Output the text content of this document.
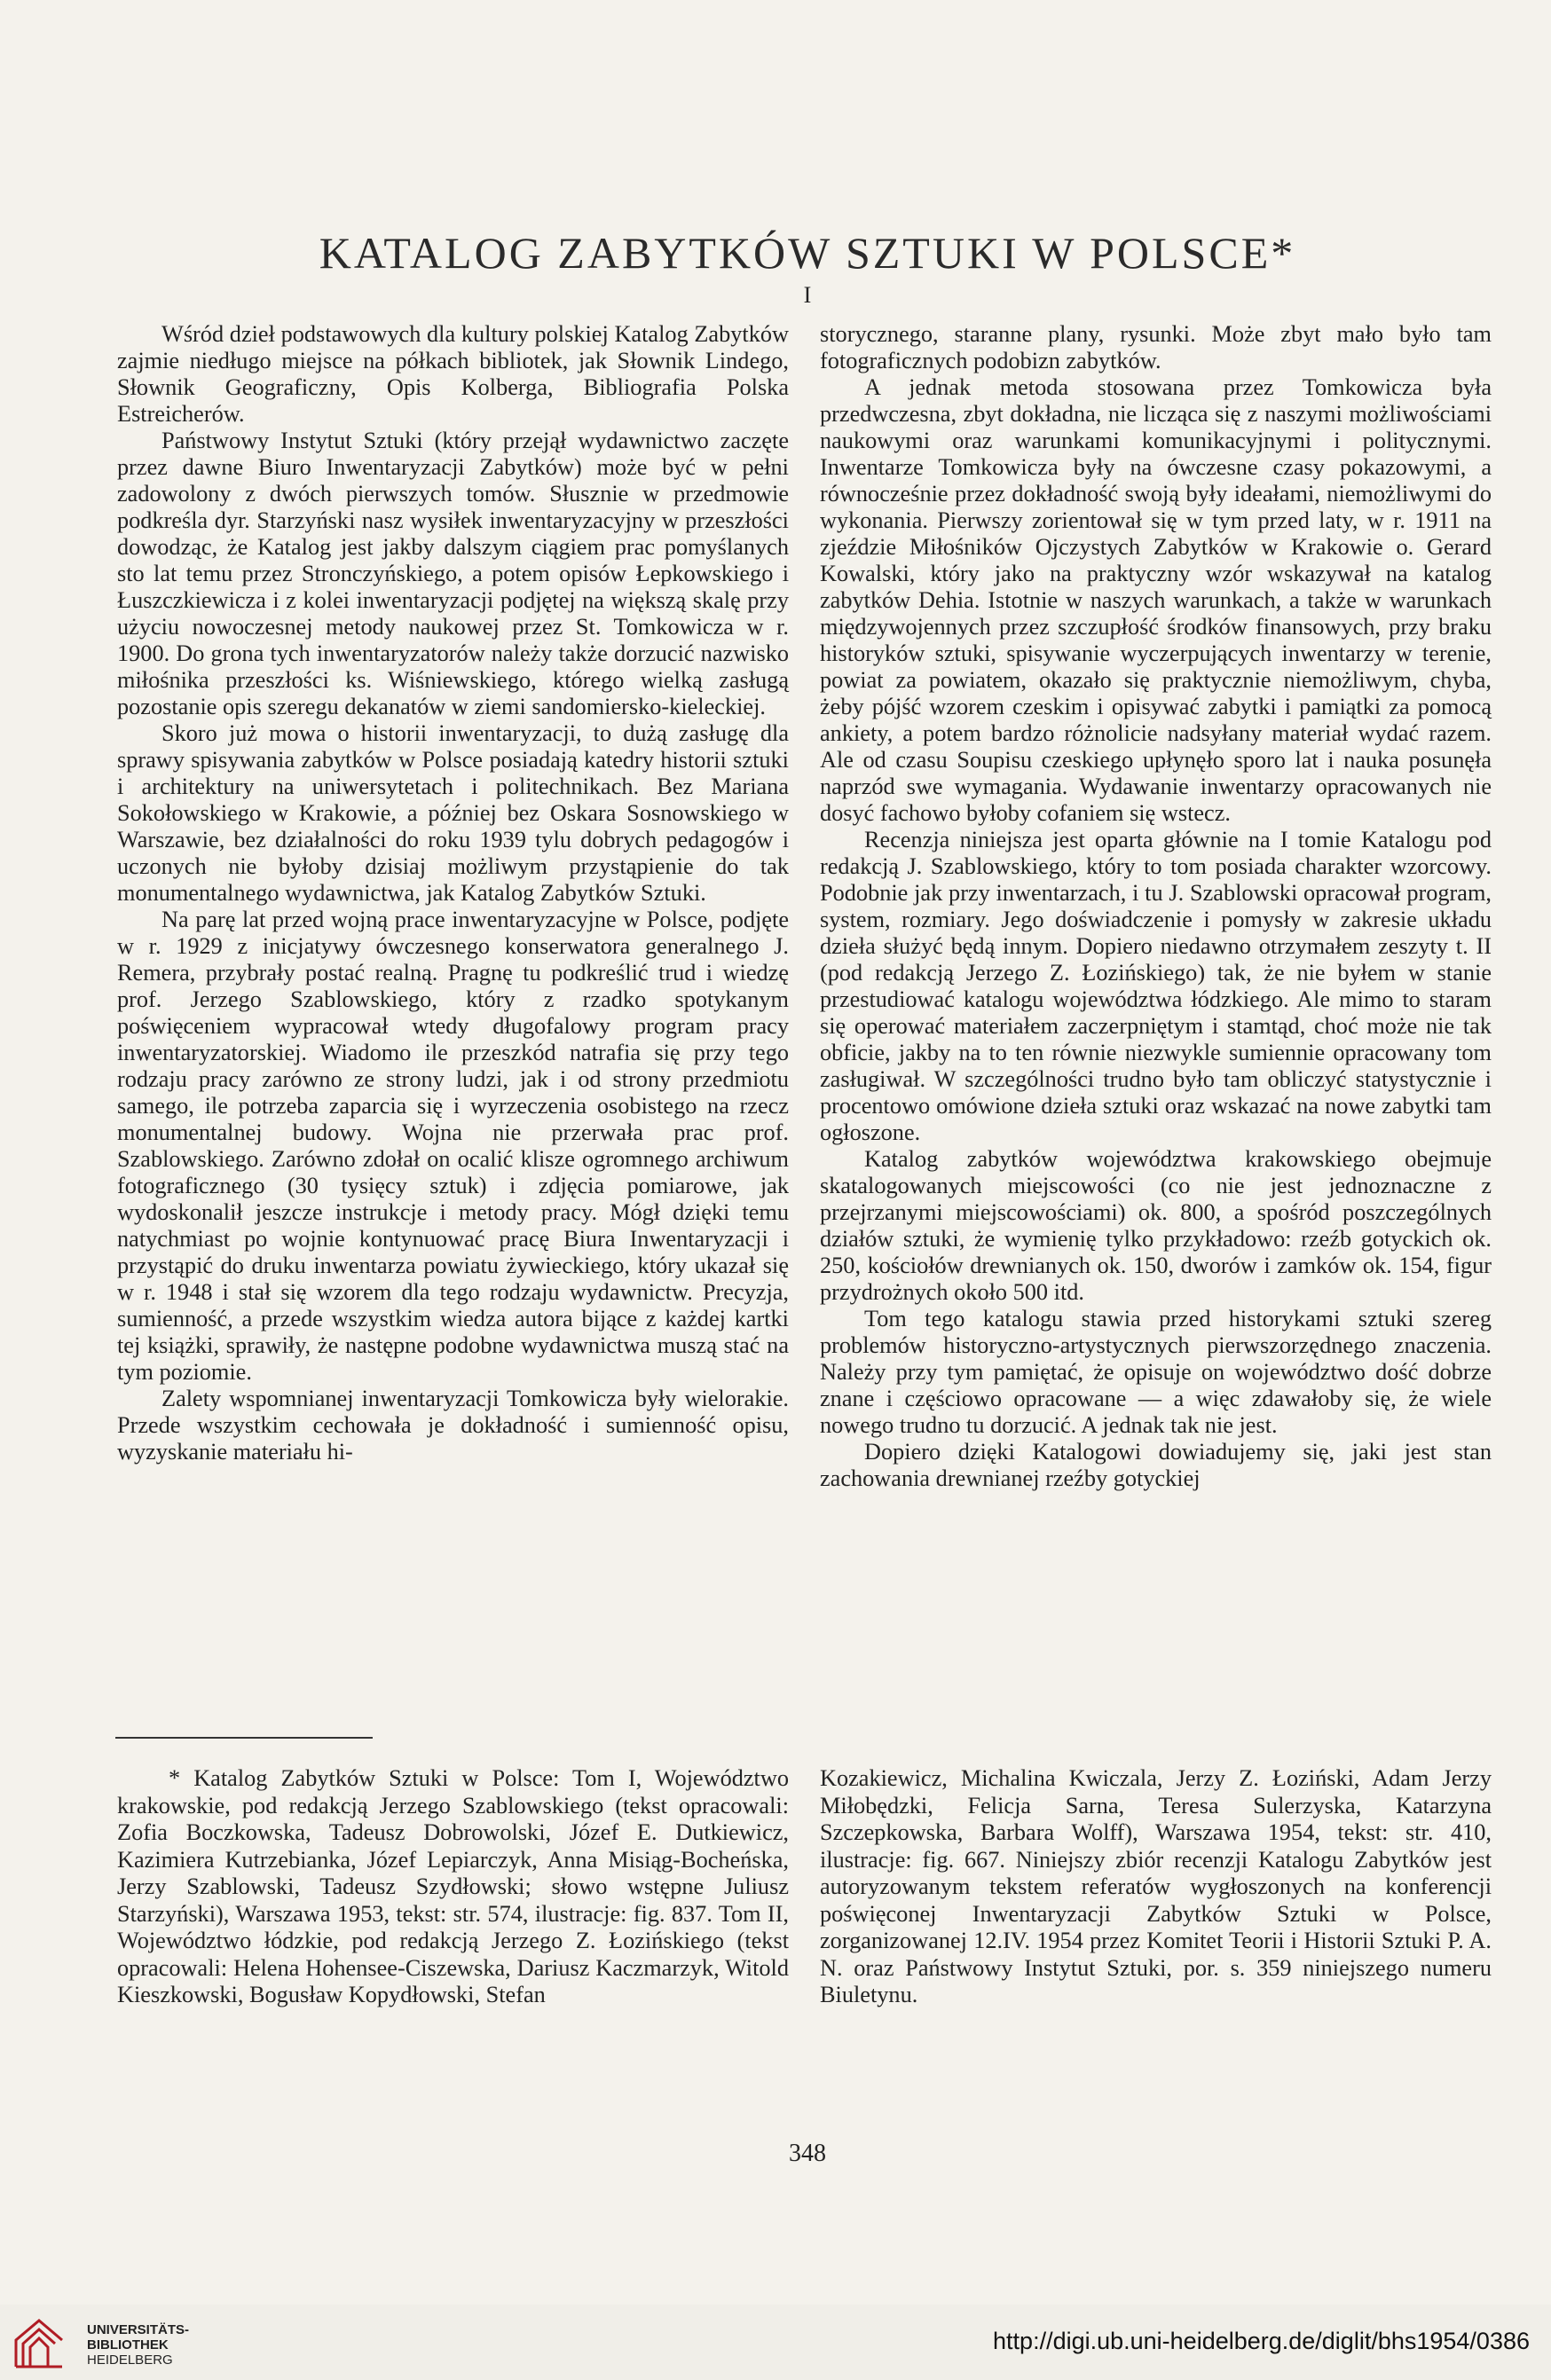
KATALOG ZABYTKÓW SZTUKI W POLSCE*
I

Wśród dzieł podstawowych dla kultury polskiej Katalog Zabytków zajmie niedługo miejsce na półkach bibliotek, jak Słownik Lindego, Słownik Geograficzny, Opis Kolberga, Bibliografia Polska Estreicherów.

Państwowy Instytut Sztuki (który przejął wydawnictwo zaczęte przez dawne Biuro Inwentaryzacji Zabytków) może być w pełni zadowolony z dwóch pierwszych tomów. Słusznie w przedmowie podkreśla dyr. Starzyński nasz wysiłek inwentaryzacyjny w przeszłości dowodząc, że Katalog jest jakby dalszym ciągiem prac pomyślanych sto lat temu przez Stronczyńskiego, a potem opisów Łepkowskiego i Łuszczkiewicza i z kolei inwentaryzacji podjętej na większą skalę przy użyciu nowoczesnej metody naukowej przez St. Tomkowicza w r. 1900. Do grona tych inwentaryzatorów należy także dorzucić nazwisko miłośnika przeszłości ks. Wiśniewskiego, którego wielką zasługą pozostanie opis szeregu dekanatów w ziemi sandomiersko-kieleckiej.

Skoro już mowa o historii inwentaryzacji, to dużą zasługę dla sprawy spisywania zabytków w Polsce posiadają katedry historii sztuki i architektury na uniwersytetach i politechnikach. Bez Mariana Sokołowskiego w Krakowie, a później bez Oskara Sosnowskiego w Warszawie, bez działalności do roku 1939 tylu dobrych pedagogów i uczonych nie byłoby dzisiaj możliwym przystąpienie do tak monumentalnego wydawnictwa, jak Katalog Zabytków Sztuki.

Na parę lat przed wojną prace inwentaryzacyjne w Polsce, podjęte w r. 1929 z inicjatywy ówczesnego konserwatora generalnego J. Remera, przybrały postać realną. Pragnę tu podkreślić trud i wiedzę prof. Jerzego Szablowskiego, który z rzadko spotykanym poświęceniem wypracował wtedy długofalowy program pracy inwentaryzatorskiej. Wiadomo ile przeszkód natrafia się przy tego rodzaju pracy zarówno ze strony ludzi, jak i od strony przedmiotu samego, ile potrzeba zaparcia się i wyrzeczenia osobistego na rzecz monumentalnej budowy. Wojna nie przerwała prac prof. Szablowskiego. Zarówno zdołał on ocalić klisze ogromnego archiwum fotograficznego (30 tysięcy sztuk) i zdjęcia pomiarowe, jak wydoskonalił jeszcze instrukcje i metody pracy. Mógł dzięki temu natychmiast po wojnie kontynuować pracę Biura Inwentaryzacji i przystąpić do druku inwentarza powiatu żywieckiego, który ukazał się w r. 1948 i stał się wzorem dla tego rodzaju wydawnictw. Precyzja, sumienność, a przede wszystkim wiedza autora bijące z każdej kartki tej książki, sprawiły, że następne podobne wydawnictwa muszą stać na tym poziomie.

Zalety wspomnianej inwentaryzacji Tomkowicza były wielorakie. Przede wszystkim cechowała je dokładność i sumienność opisu, wyzyskanie materiału hi-

storycznego, staranne plany, rysunki. Może zbyt mało było tam fotograficznych podobizn zabytków.

A jednak metoda stosowana przez Tomkowicza była przedwczesna, zbyt dokładna, nie licząca się z naszymi możliwościami naukowymi oraz warunkami komunikacyjnymi i politycznymi. Inwentarze Tomkowicza były na ówczesne czasy pokazowymi, a równocześnie przez dokładność swoją były ideałami, niemożliwymi do wykonania. Pierwszy zorientował się w tym przed laty, w r. 1911 na zjeździe Miłośników Ojczystych Zabytków w Krakowie o. Gerard Kowalski, który jako na praktyczny wzór wskazywał na katalog zabytków Dehia. Istotnie w naszych warunkach, a także w warunkach międzywojennych przez szczupłość środków finansowych, przy braku historyków sztuki, spisywanie wyczerpujących inwentarzy w terenie, powiat za powiatem, okazało się praktycznie niemożliwym, chyba, żeby pójść wzorem czeskim i opisywać zabytki i pamiątki za pomocą ankiety, a potem bardzo różnolicie nadsyłany materiał wydać razem. Ale od czasu Soupisu czeskiego upłynęło sporo lat i nauka posunęła naprzód swe wymagania. Wydawanie inwentarzy opracowanych nie dosyć fachowo byłoby cofaniem się wstecz.

Recenzja niniejsza jest oparta głównie na I tomie Katalogu pod redakcją J. Szablowskiego, który to tom posiada charakter wzorcowy. Podobnie jak przy inwentarzach, i tu J. Szablowski opracował program, system, rozmiary. Jego doświadczenie i pomysły w zakresie układu dzieła służyć będą innym. Dopiero niedawno otrzymałem zeszyty t. II (pod redakcją Jerzego Z. Łozińskiego) tak, że nie byłem w stanie przestudiować katalogu województwa łódzkiego. Ale mimo to staram się operować materiałem zaczerpniętym i stamtąd, choć może nie tak obficie, jakby na to ten równie niezwykle sumiennie opracowany tom zasługiwał. W szczególności trudno było tam obliczyć statystycznie i procentowo omówione dzieła sztuki oraz wskazać na nowe zabytki tam ogłoszone.

Katalog zabytków województwa krakowskiego obejmuje skatalogowanych miejscowości (co nie jest jednoznaczne z przejrzanymi miejscowościami) ok. 800, a spośród poszczególnych działów sztuki, że wymienię tylko przykładowo: rzeźb gotyckich ok. 250, kościołów drewnianych ok. 150, dworów i zamków ok. 154, figur przydrożnych około 500 itd.

Tom tego katalogu stawia przed historykami sztuki szereg problemów historyczno-artystycznych pierwszorzędnego znaczenia. Należy przy tym pamiętać, że opisuje on województwo dość dobrze znane i częściowo opracowane — a więc zdawałoby się, że wiele nowego trudno tu dorzucić. A jednak tak nie jest.

Dopiero dzięki Katalogowi dowiadujemy się, jaki jest stan zachowania drewnianej rzeźby gotyckiej

* Katalog Zabytków Sztuki w Polsce: Tom I, Województwo krakowskie, pod redakcją Jerzego Szablowskiego (tekst opracowali: Zofia Boczkowska, Tadeusz Dobrowolski, Józef E. Dutkiewicz, Kazimiera Kutrzebianka, Józef Lepiarczyk, Anna Misiąg-Bocheńska, Jerzy Szablowski, Tadeusz Szydłowski; słowo wstępne Juliusz Starzyński), Warszawa 1953, tekst: str. 574, ilustracje: fig. 837. Tom II, Województwo łódzkie, pod redakcją Jerzego Z. Łozińskiego (tekst opracowali: Helena Hohensee-Ciszewska, Dariusz Kaczmarzyk, Witold Kieszkowski, Bogusław Kopydłowski, Stefan

Kozakiewicz, Michalina Kwiczala, Jerzy Z. Łoziński, Adam Jerzy Miłobędzki, Felicja Sarna, Teresa Sulerzyska, Katarzyna Szczepkowska, Barbara Wolff), Warszawa 1954, tekst: str. 410, ilustracje: fig. 667. Niniejszy zbiór recenzji Katalogu Zabytków jest autoryzowanym tekstem referatów wygłoszonych na konferencji poświęconej Inwentaryzacji Zabytków Sztuki w Polsce, zorganizowanej 12.IV. 1954 przez Komitet Teorii i Historii Sztuki P. A. N. oraz Państwowy Instytut Sztuki, por. s. 359 niniejszego numeru Biuletynu.

348
UNIVERSITÄTS-
BIBLIOTHEK
HEIDELBERG
http://digi.ub.uni-heidelberg.de/diglit/bhs1954/0386
